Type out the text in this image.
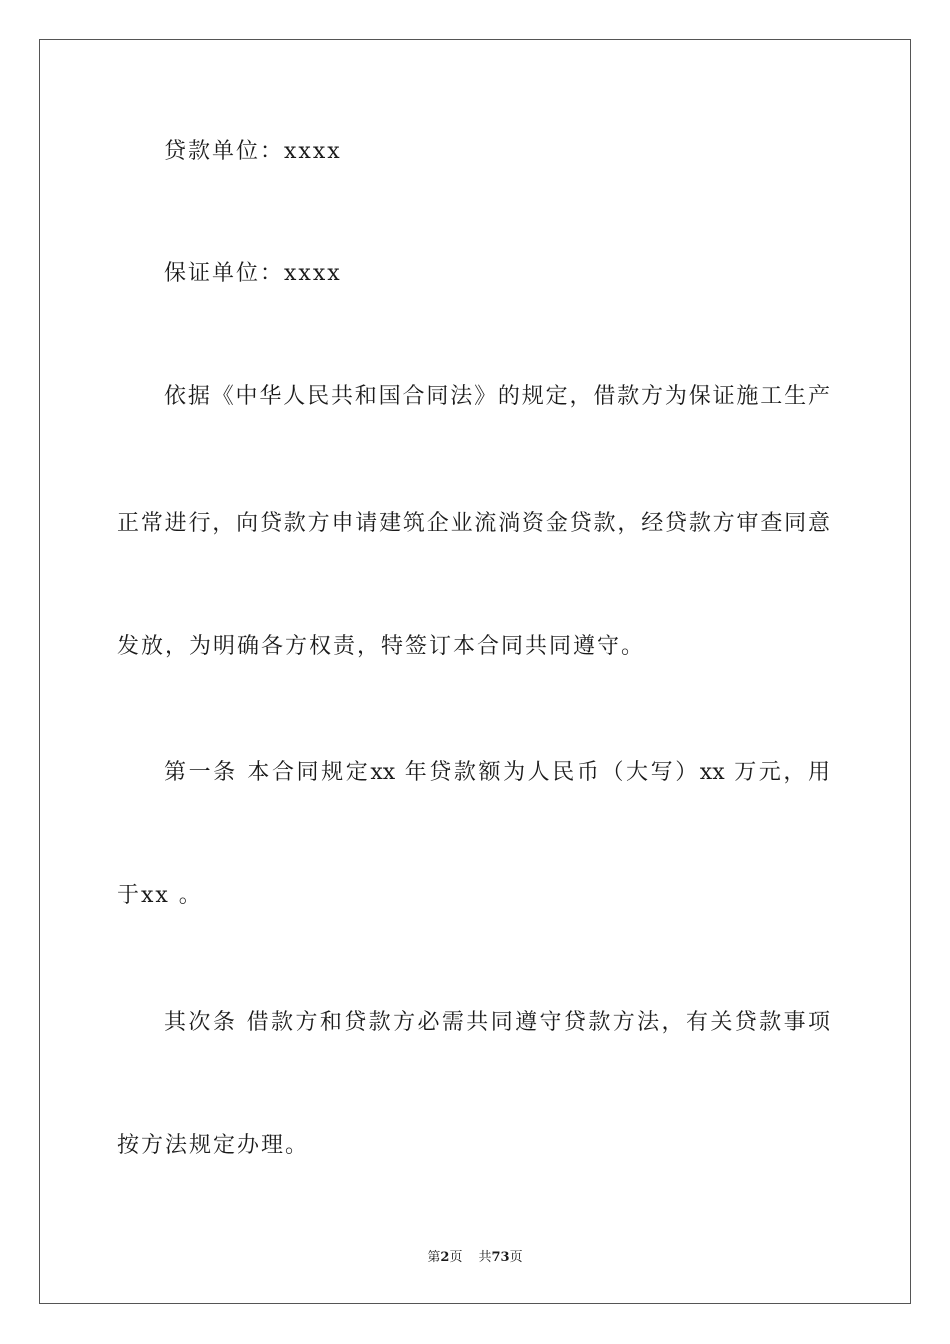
贷款单位：xxxx
保证单位：xxxx
依据《中华人民共和国合同法》的规定，借款方为保证施工生产
正常进行，向贷款方申请建筑企业流淌资金贷款，经贷款方审查同意
发放，为明确各方权责，特签订本合同共同遵守。
第一条 本合同规定xx 年贷款额为人民币（大写）xx 万元，用
于xx 。
其次条 借款方和贷款方必需共同遵守贷款方法，有关贷款事项
按方法规定办理。
第2页 共73页
